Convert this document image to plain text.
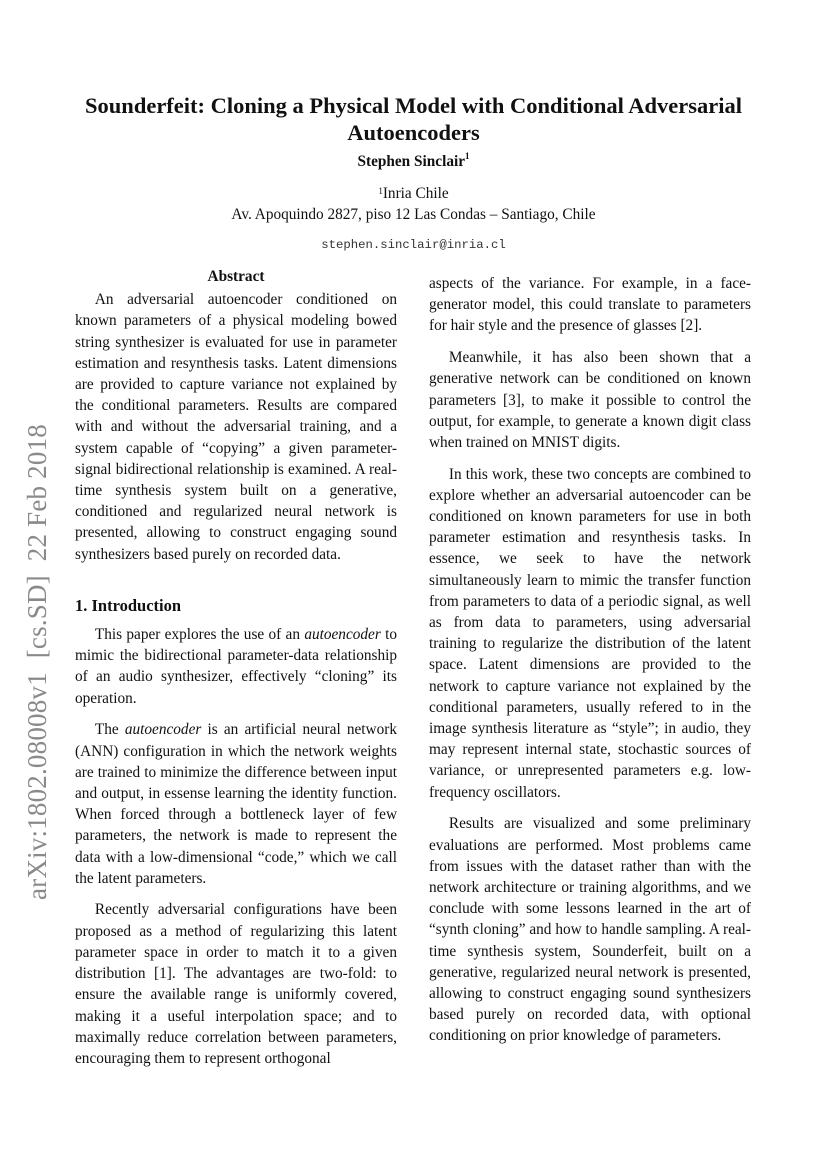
Sounderfeit: Cloning a Physical Model with Conditional Adversarial Autoencoders
Stephen Sinclair$^1$
$^1$Inria Chile
Av. Apoquindo 2827, piso 12 Las Condas – Santiago, Chile
stephen.sinclair@inria.cl
arXiv:1802.08008v1  [cs.SD]  22 Feb 2018
Abstract

An adversarial autoencoder conditioned on known parameters of a physical modeling bowed string synthesizer is evaluated for use in parameter estimation and resynthesis tasks. Latent dimensions are provided to capture variance not explained by the conditional parameters. Results are compared with and without the adversarial training, and a system capable of “copying” a given parameter-signal bidirectional relationship is examined. A real-time synthesis system built on a generative, conditioned and regularized neural network is presented, allowing to construct engaging sound synthesizers based purely on recorded data.

1. Introduction

This paper explores the use of an autoencoder to mimic the bidirectional parameter-data relationship of an audio synthesizer, effectively “cloning” its operation.

The autoencoder is an artificial neural network (ANN) configuration in which the network weights are trained to minimize the difference between input and output, in essense learning the identity function. When forced through a bottleneck layer of few parameters, the network is made to represent the data with a low-dimensional “code,” which we call the latent parameters.

Recently adversarial configurations have been proposed as a method of regularizing this latent parameter space in order to match it to a given distribution [1]. The advantages are two-fold: to ensure the available range is uniformly covered, making it a useful interpolation space; and to maximally reduce correlation between parameters, encouraging them to represent orthogonal

aspects of the variance. For example, in a face-generator model, this could translate to parameters for hair style and the presence of glasses [2].

Meanwhile, it has also been shown that a generative network can be conditioned on known parameters [3], to make it possible to control the output, for example, to generate a known digit class when trained on MNIST digits.

In this work, these two concepts are combined to explore whether an adversarial autoencoder can be conditioned on known parameters for use in both parameter estimation and resynthesis tasks. In essence, we seek to have the network simultaneously learn to mimic the transfer function from parameters to data of a periodic signal, as well as from data to parameters, using adversarial training to regularize the distribution of the latent space. Latent dimensions are provided to the network to capture variance not explained by the conditional parameters, usually refered to in the image synthesis literature as “style”; in audio, they may represent internal state, stochastic sources of variance, or unrepresented parameters e.g. low-frequency oscillators.

Results are visualized and some preliminary evaluations are performed. Most problems came from issues with the dataset rather than with the network architecture or training algorithms, and we conclude with some lessons learned in the art of “synth cloning” and how to handle sampling. A real-time synthesis system, Sounderfeit, built on a generative, regularized neural network is presented, allowing to construct engaging sound synthesizers based purely on recorded data, with optional conditioning on prior knowledge of parameters.
